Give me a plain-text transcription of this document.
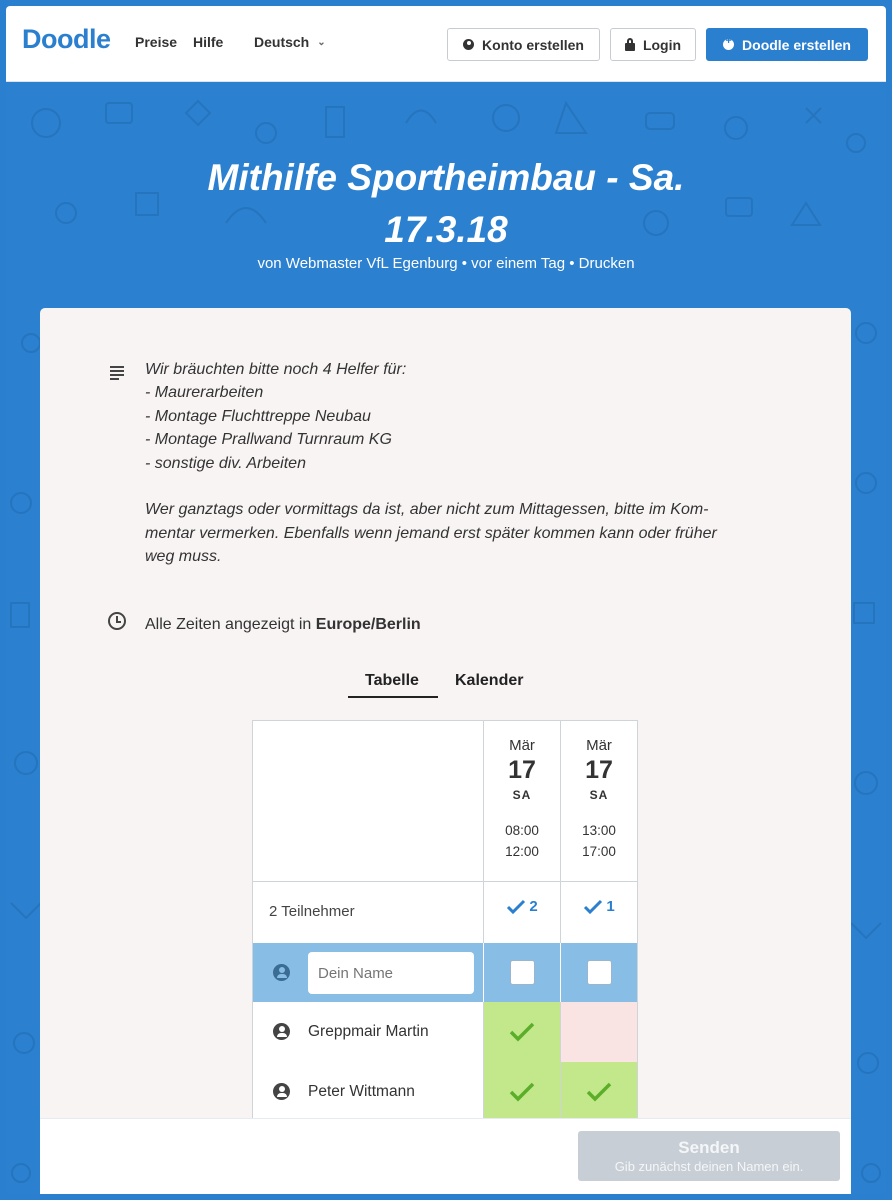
Doodle Preise Hilfe Deutsch ⌄	Konto erstellen	Login
+	Doodle erstellen
Mithilfe Sportheimbau - Sa.
17.3.18
von Webmaster VfL Egenburg • vor einem Tag • Drucken
Wir bräuchten bitte noch 4 Helfer für:
- Maurerarbeiten
- Montage Fluchttreppe Neubau
- Montage Prallwand Turnraum KG
- sonstige div. Arbeiten

Wer ganztags oder vormittags da ist, aber nicht zum Mittagessen, bitte im Kom-
mentar vermerken. Ebenfalls wenn jemand erst später kommen kann oder früher
weg muss.
Alle Zeiten angezeigt in Europe/Berlin
Tabelle Kalender
Mär
17
SA
08:00
12:00
Mär
17
SA
13:00
17:00
2 Teilnehmer	2	1
Dein Name
Greppmair Martin
Peter Wittmann
Senden
Gib zunächst deinen Namen ein.
